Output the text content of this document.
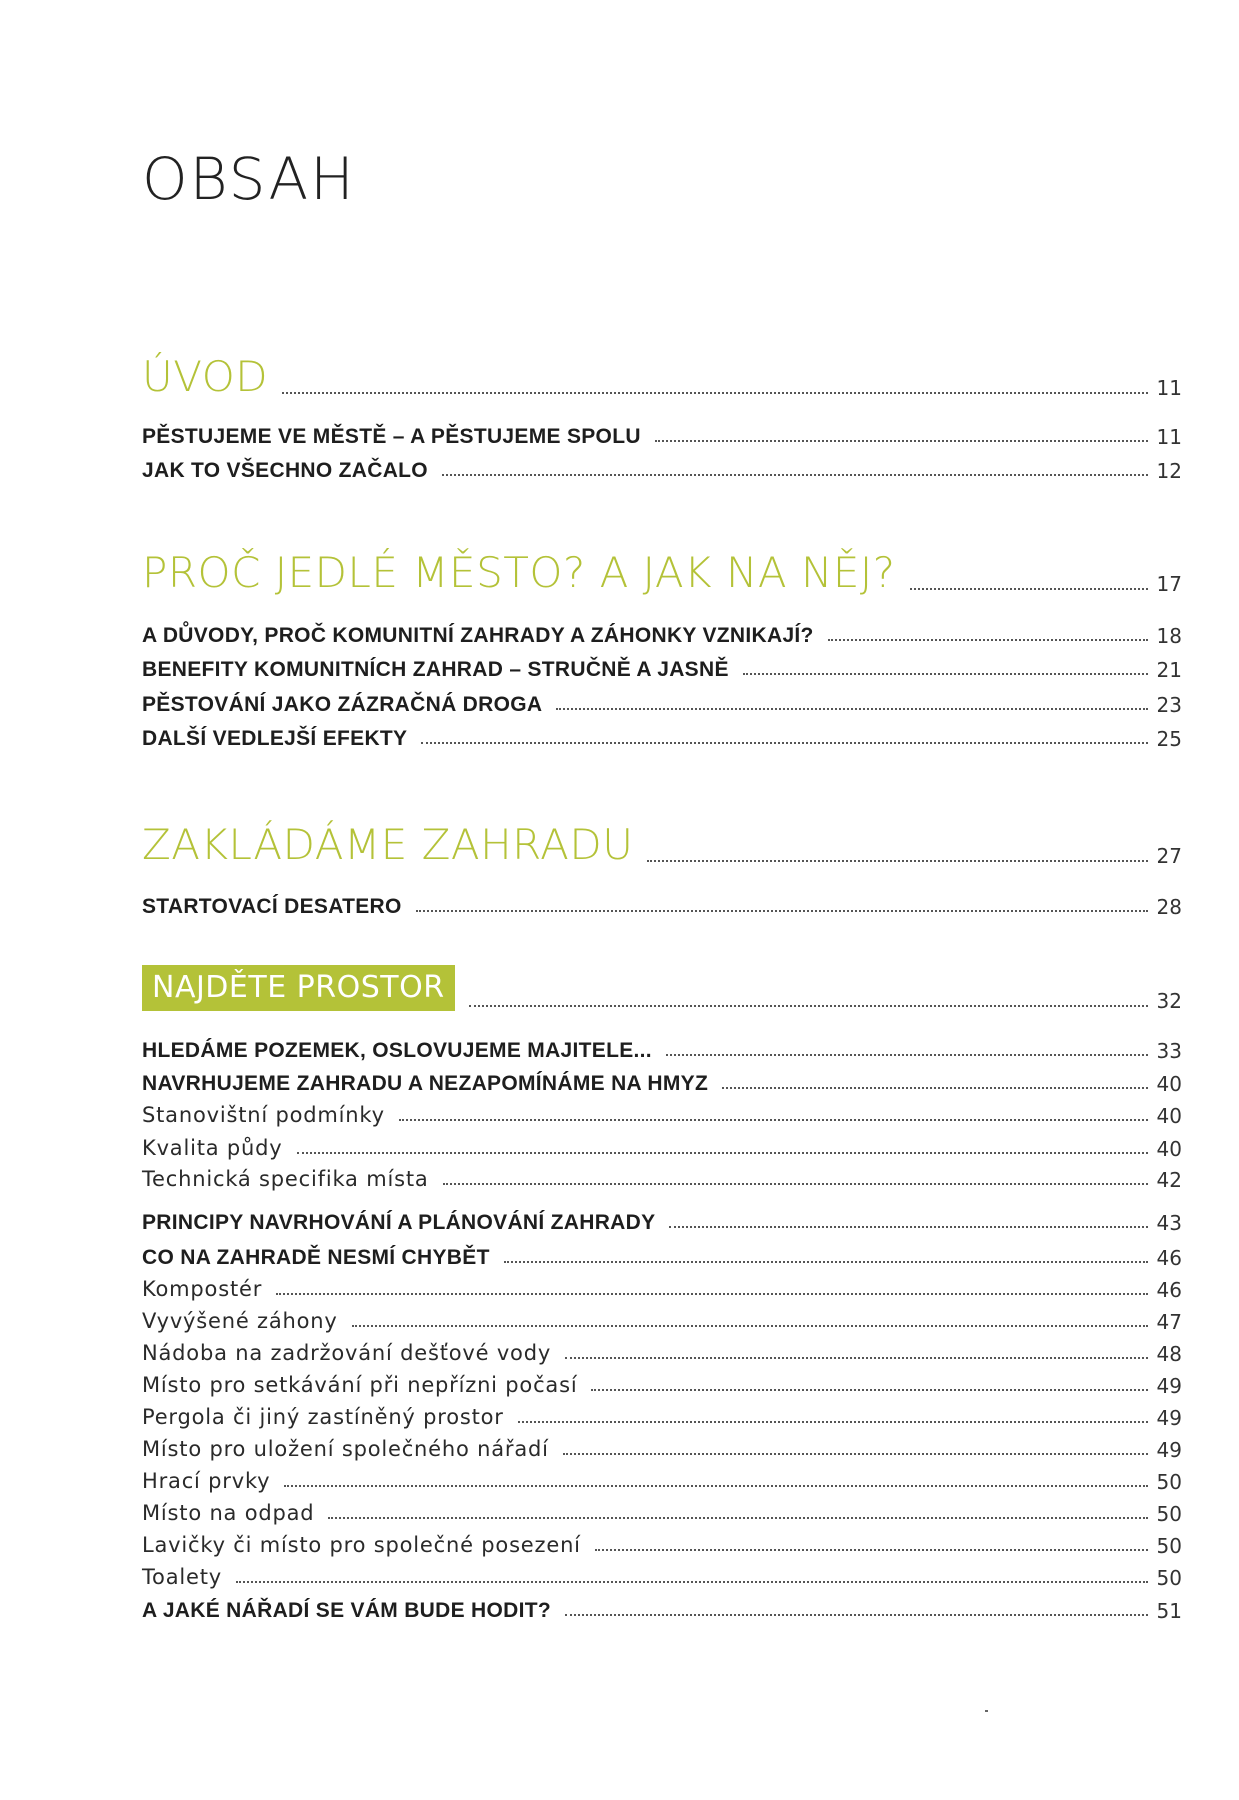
OBSAH
ÚVOD	11
PĚSTUJEME VE MĚSTĚ – A PĚSTUJEME SPOLU	11
JAK TO VŠECHNO ZAČALO	12
PROČ JEDLÉ MĚSTO? A JAK NA NĚJ?	17
A DŮVODY, PROČ KOMUNITNÍ ZAHRADY A ZÁHONKY VZNIKAJÍ?	18
BENEFITY KOMUNITNÍCH ZAHRAD – STRUČNĚ A JASNĚ	21
PĚSTOVÁNÍ JAKO ZÁZRAČNÁ DROGA	23
DALŠÍ VEDLEJŠÍ EFEKTY	25
ZAKLÁDÁME ZAHRADU	27
STARTOVACÍ DESATERO	28
NAJDĚTE PROSTOR	32
HLEDÁME POZEMEK, OSLOVUJEME MAJITELE...	33
NAVRHUJEME ZAHRADU A NEZAPOMÍNÁME NA HMYZ	40
Stanovištní podmínky	40
Kvalita půdy	40
Technická specifika místa	42
PRINCIPY NAVRHOVÁNÍ A PLÁNOVÁNÍ ZAHRADY	43
CO NA ZAHRADĚ NESMÍ CHYBĚT	46
Kompostér	46
Vyvýšené záhony	47
Nádoba na zadržování dešťové vody	48
Místo pro setkávání při nepřízni počasí	49
Pergola či jiný zastíněný prostor	49
Místo pro uložení společného nářadí	49
Hrací prvky	50
Místo na odpad	50
Lavičky či místo pro společné posezení	50
Toalety	50
A JAKÉ NÁŘADÍ SE VÁM BUDE HODIT?	51
